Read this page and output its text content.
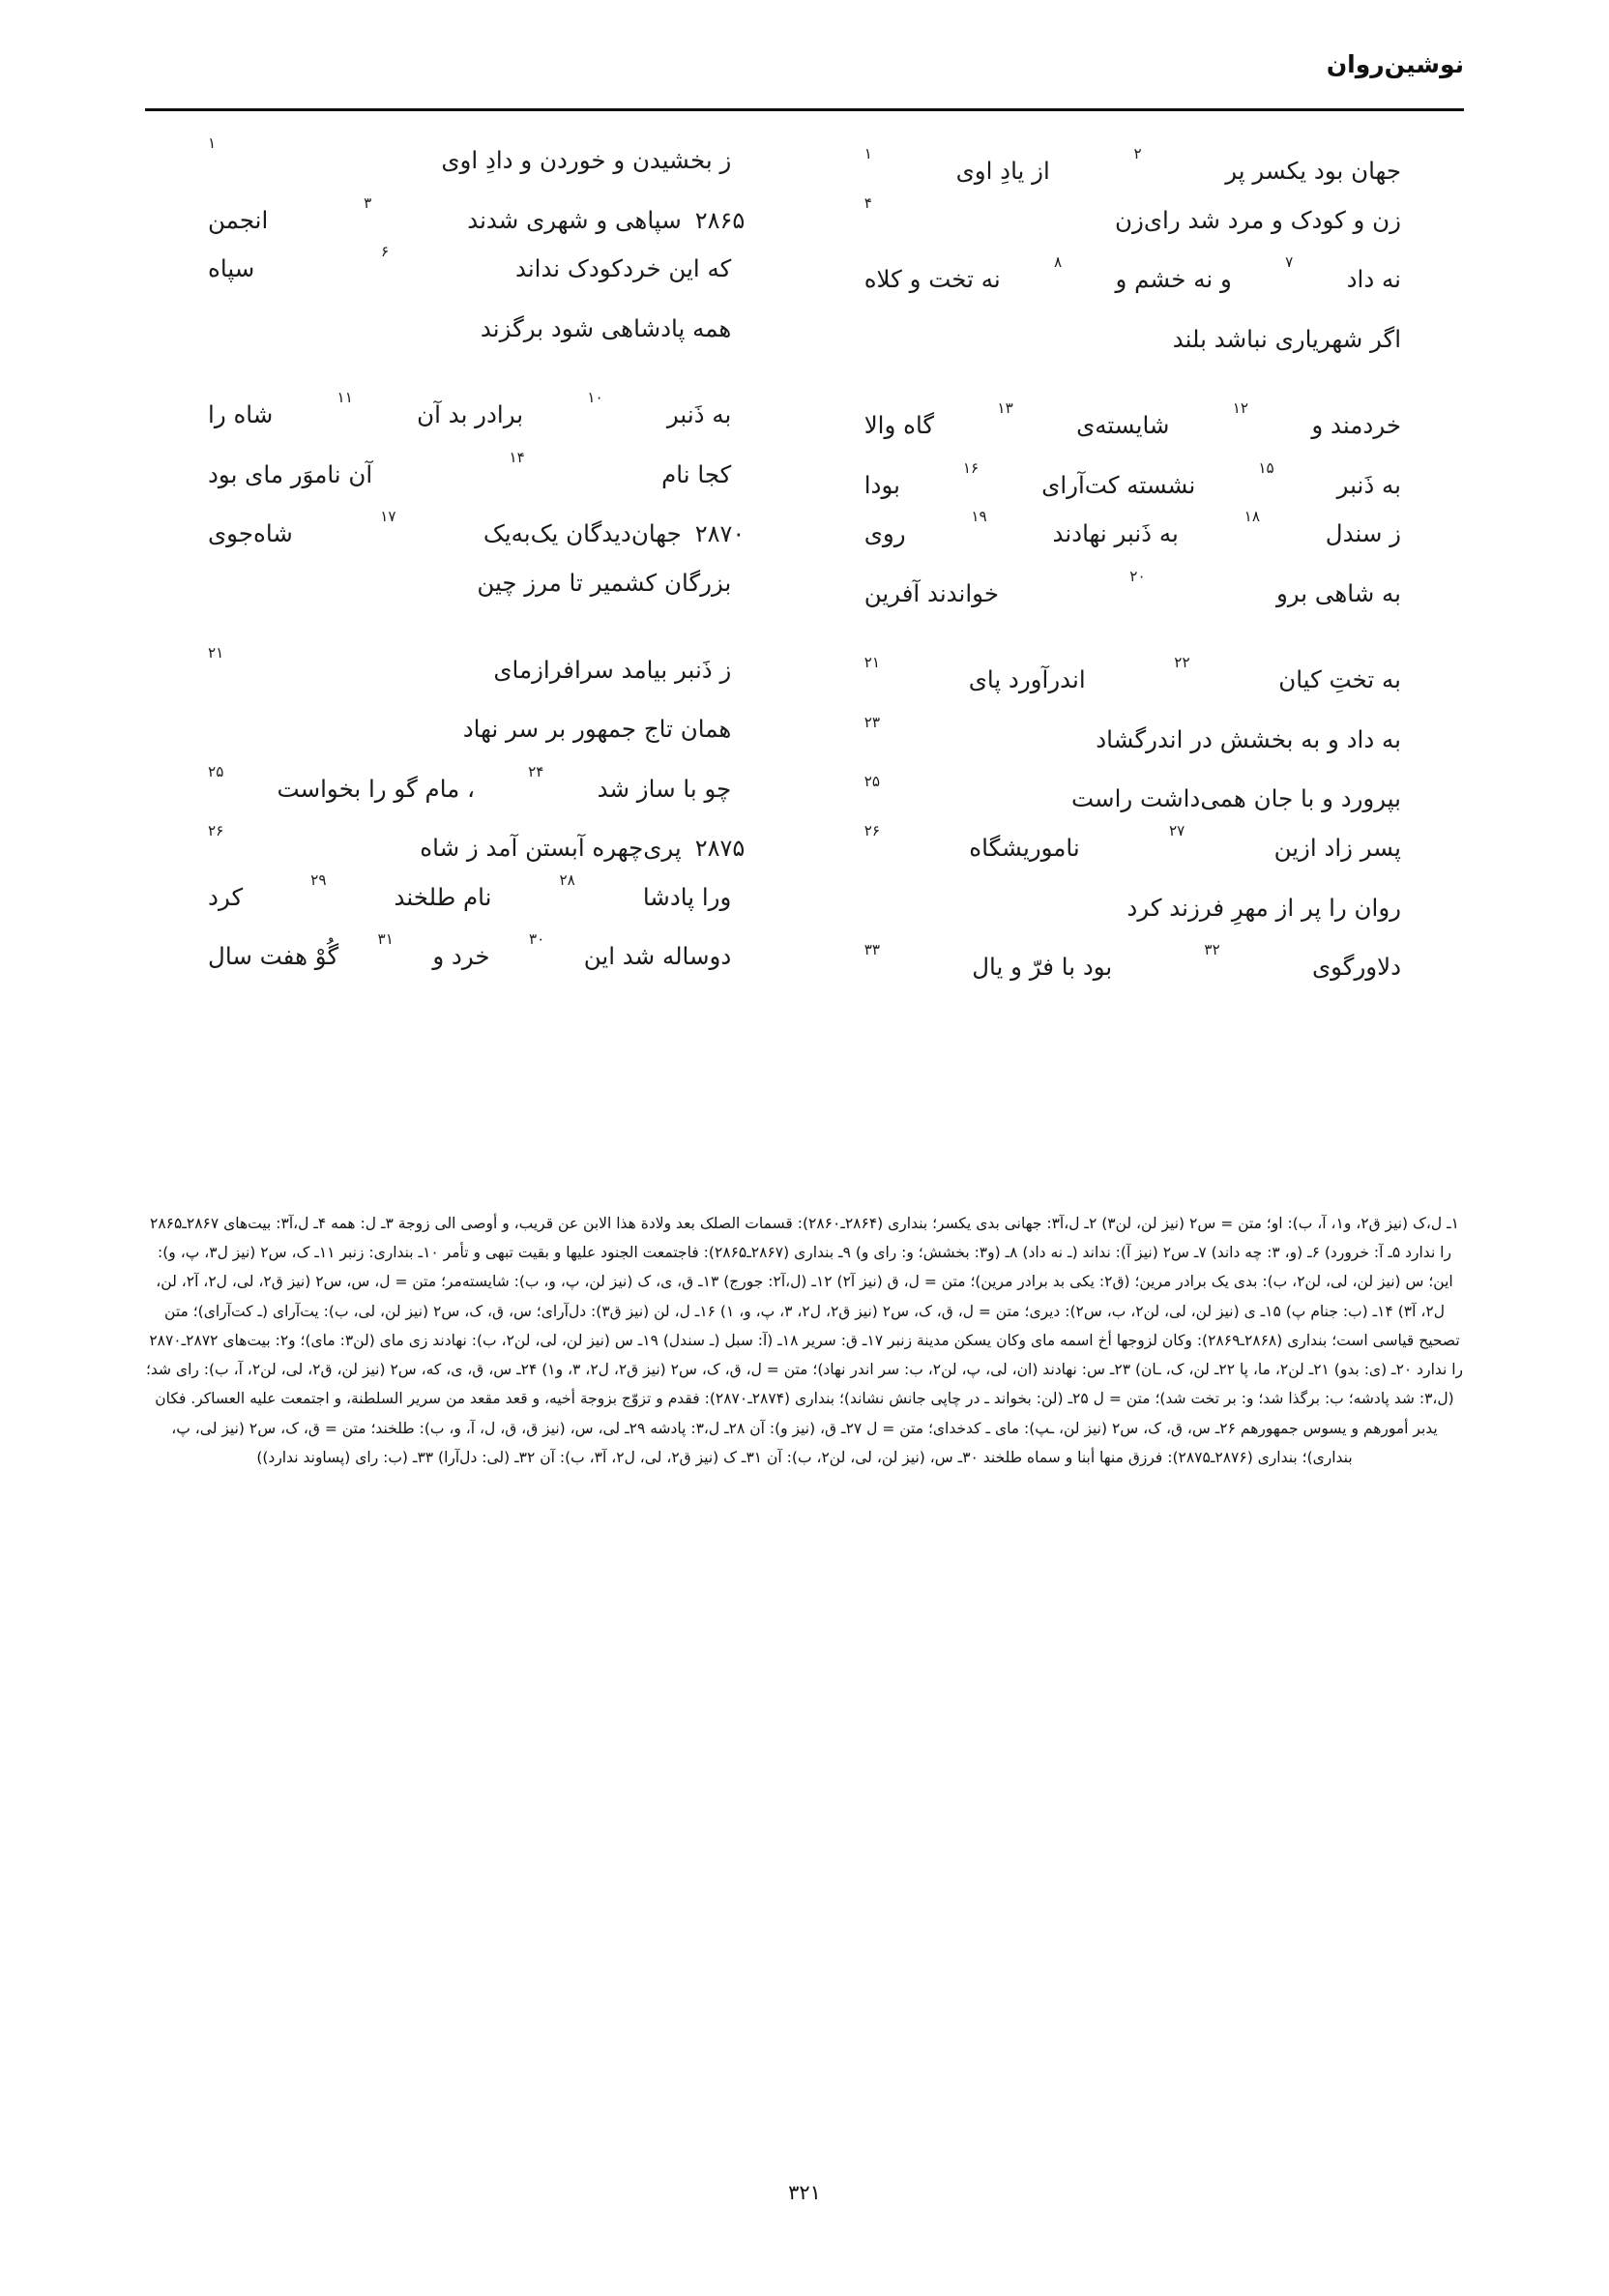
نوشین‌روان
جهان بود یکسر پر
۲
از یادِ اوی
۱
ز بخشیدن و خوردن و دادِ اوی
۱
زن و کودک و مرد شد رای‌زن
۴
۲۸۶۵
سپاهی و شهری شدند
۳
انجمن
نه داد
۷
و نه خشم و
۸
نه تخت و کلاه
که این خردکودک نداند
۶
سپاه
اگر شهریاری نباشد بلند
همه پادشاهی شود برگزند
خردمند و
۱۲
شایسته‌ی
۱۳
گاه والا
به ذَنبر
۱۰
برادر بد آن
۱۱
شاه را
به ذَنبر
۱۵
نشسته کت‌آرای
۱۶
بودا
کجا نام
۱۴
آن ناموَر مای بود
ز سندل
۱۸
به ذَنبر نهادند
۱۹
روی
۲۸۷۰
جهان‌دیدگان یک‌به‌یک
۱۷
شاه‌جوی
به شاهی برو
۲۰
خواندند آفرین
بزرگان کشمیر تا مرز چین
به تختِ کیان
۲۲
اندرآورد پای
۲۱
ز ذَنبر بیامد سرافرازمای
۲۱
به داد و به بخشش در اندرگشاد
۲۳
همان تاج جمهور بر سر نهاد
بپرورد و با جان همی‌داشت راست
۲۵
چو با ساز شد
۲۴
، مام گو را بخواست
۲۵
پسر زاد ازین
۲۷
ناموریشگاه
۲۶
۲۸۷۵
پری‌چهره آبستن آمد ز شاه
۲۶
روان را پر از مهرِ فرزند کرد
ورا پادشا
۲۸
نام طلخند
۲۹
کرد
دلاورگوی
۳۲
بود با فرّ و یال
۳۳
دوساله شد این
۳۰
خرد و
۳۱
گُوْ هفت سال

۱ـ ل،ک (نیز ق۲، و۱، آ، ب): او؛ متن = س۲ (نیز لن، لن۳) ۲ـ ل،آ۳: جهانی بدی یکسر؛ بنداری (۲۸۶۴ـ۲۸۶۰): قسمات الصلک بعد ولادة هذا الابن عن قریب، و أوصی الی زوجة ۳ـ ل: همه ۴ـ ل،آ۳: بیت‌های ۲۸۶۷ـ۲۸۶۵ را ندارد ۵ـ آ: خرورد) ۶ـ (و، ۳: چه داند) ۷ـ س۲ (نیز آ): نداند (ـ نه داد) ۸ـ (و۳: بخشش؛ و: رای و) ۹ـ بنداری (۲۸۶۷ـ۲۸۶۵): فاجتمعت الجنود علیها و بقیت تبهی و تأمر ۱۰ـ بنداری: زنبر ۱۱ـ ک، س۲ (نیز ل۳، پ، و): این؛ س (نیز لن، لی، لن۲، ب): بدی یک برادر مرین؛ (ق۲: یکی بد برادر مرین)؛ متن = ل، ق (نیز آ۲) ۱۲ـ (ل،آ۲: جورج) ۱۳ـ ق، ی، ک (نیز لن، پ، و، ب): شایسته‌مر؛ متن = ل، س، س۲ (نیز ق۲، لی، ل۲، آ۲، لن، ل۲، آ۳) ۱۴ـ (ب: جنام پ) ۱۵ـ ی (نیز لن، لی، لن۲، ب، س۲): دیری؛ متن = ل، ق، ک، س۲ (نیز ق۲، ل۲، ۳، پ، و، ۱) ۱۶ـ ل، لن (نیز ق۳): دل‌آرای؛ س، ق، ک، س۲ (نیز لن، لی، ب): یت‌آرای (ـ کت‌آرای)؛ متن تصحیح قیاسی است؛ بنداری (۲۸۶۸ـ۲۸۶۹): وکان لزوجها أخ اسمه مای وکان یسکن مدینة زنبر ۱۷ـ ق: سریر ۱۸ـ (آ: سبل (ـ سندل) ۱۹ـ س (نیز لن، لی، لن۲، ب): نهادند زی مای (لن۳: مای)؛ و۲: بیت‌های ۲۸۷۲ـ۲۸۷۰ را ندارد ۲۰ـ (ی: بدو) ۲۱ـ لن۲، ما، پا ۲۲ـ لن، ک، ـان) ۲۳ـ س: نهادند (ان، لی، پ، لن۲، ب: سر اندر نهاد)؛ متن = ل، ق، ک، س۲ (نیز ق۲، ل۲، ۳، و۱) ۲۴ـ س، ق، ی، که، س۲ (نیز لن، ق۲، لی، لن۲، آ، ب): رای شد؛ (ل،۳: شد پادشه؛ ب: برگذا شد؛ و: بر تخت شد)؛ متن = ل ۲۵ـ (لن: بخواند ـ در چاپی جانش نشاند)؛ بنداری (۲۸۷۴ـ۲۸۷۰): فقدم و تزوّج بزوجة أخیه، و قعد مقعد من سریر السلطنة، و اجتمعت علیه العساکر. فکان یدبر أمورهم و یسوس جمهورهم ۲۶ـ س، ق، ک، س۲ (نیز لن، ـپ): مای ـ کدخدای؛ متن = ل ۲۷ـ ق، (نیز و): آن ۲۸ـ ل،۳: پادشه ۲۹ـ لی، س، (نیز ق، ق، ل، آ، و، ب): طلخند؛ متن = ق، ک، س۲ (نیز لی، پ، بنداری)؛ بنداری (۲۸۷۶ـ۲۸۷۵): فرزق منها أبنا و سماه طلخند ۳۰ـ س، (نیز لن، لی، لن۲، ب): آن ۳۱ـ ک (نیز ق۲، لی، ل۲، آ۳، ب): آن ۳۲ـ (لی: دل‌آرا) ۳۳ـ (ب: رای (پساوند ندارد))

۳۲۱
